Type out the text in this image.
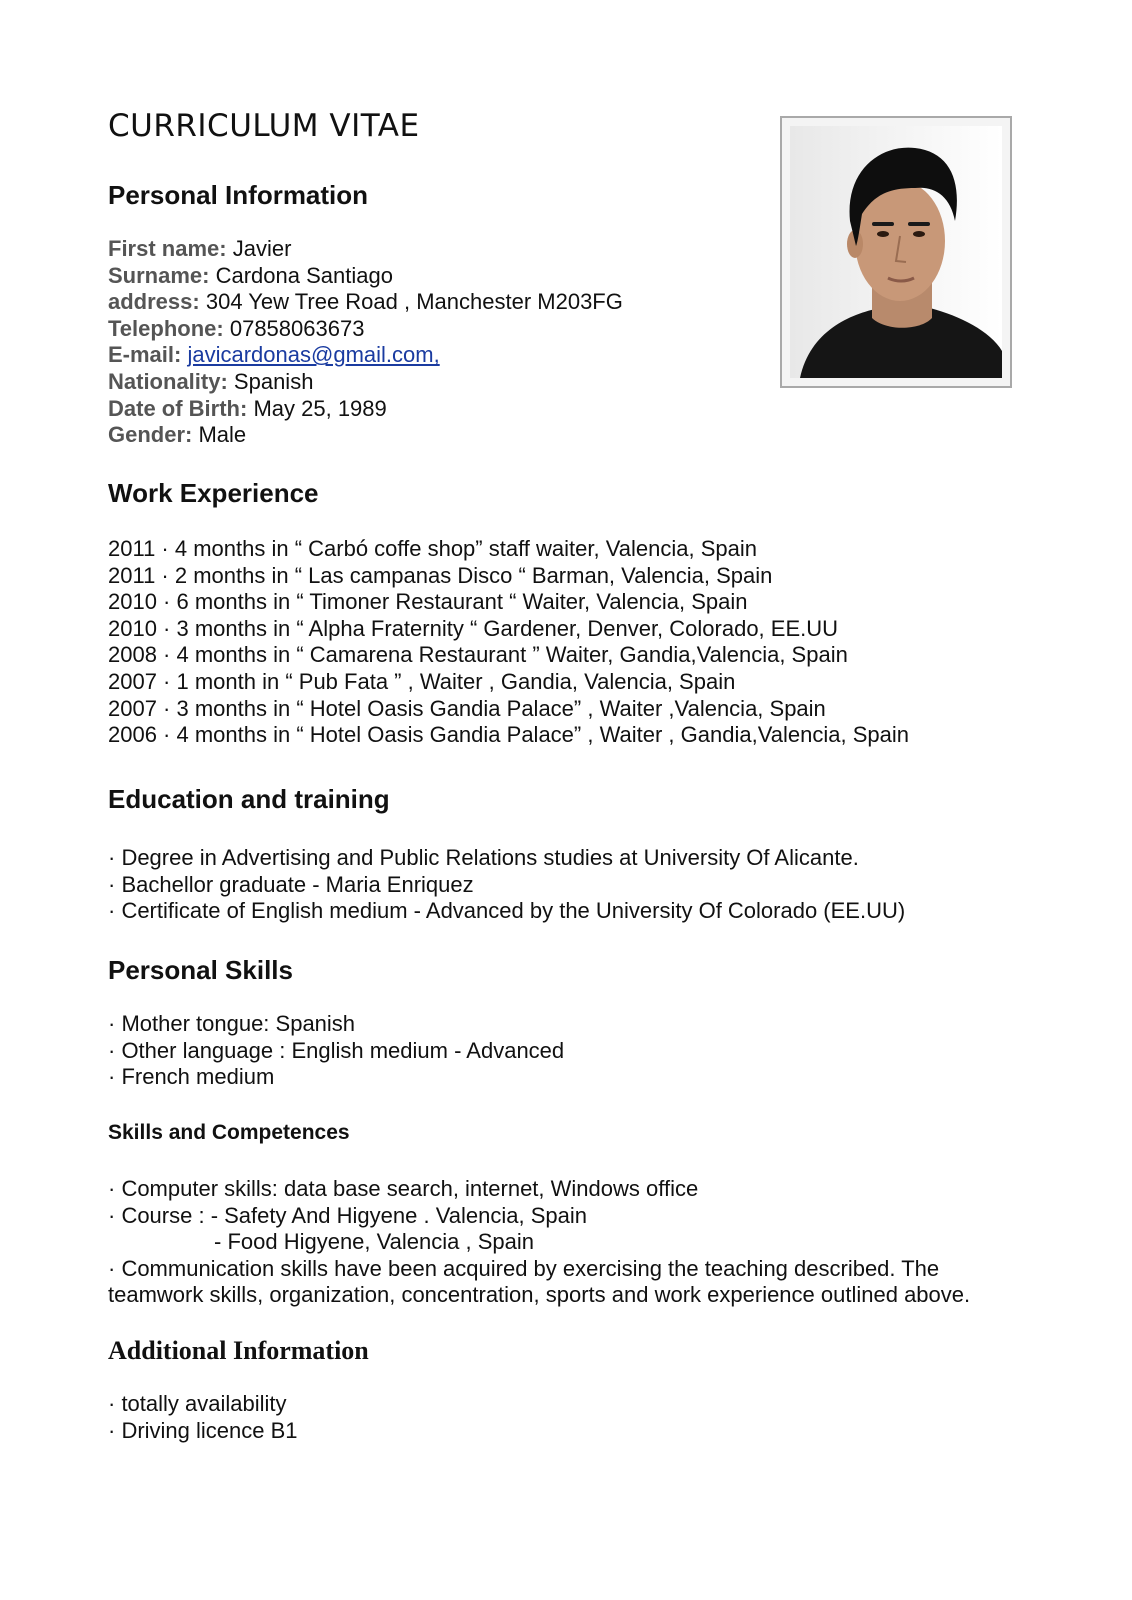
CURRICULUM VITAE
Personal Information
First name: Javier
Surname: Cardona Santiago
address: 304 Yew Tree Road , Manchester M203FG
Telephone: 07858063673
E-mail: javicardonas@gmail.com,
Nationality: Spanish
Date of Birth: May 25, 1989
Gender: Male
Work Experience
2011 · 4 months in “ Carbó coffe shop” staff waiter, Valencia, Spain
2011 · 2 months in “ Las campanas Disco “ Barman, Valencia, Spain
2010 · 6 months in “ Timoner Restaurant “ Waiter, Valencia, Spain
2010 · 3 months in “ Alpha Fraternity “ Gardener, Denver, Colorado, EE.UU
2008 · 4 months in “ Camarena Restaurant ” Waiter, Gandia,Valencia, Spain
2007 · 1 month in “ Pub Fata ” , Waiter , Gandia, Valencia, Spain
2007 · 3 months in “ Hotel Oasis Gandia Palace” , Waiter ,Valencia, Spain
2006 · 4 months in “ Hotel Oasis Gandia Palace” , Waiter , Gandia,Valencia, Spain
Education and training
· Degree in Advertising and Public Relations studies at University Of Alicante.
· Bachellor graduate - Maria Enriquez
· Certificate of English medium - Advanced by the University Of Colorado (EE.UU)
Personal Skills
· Mother tongue: Spanish
· Other language : English medium - Advanced
· French medium
Skills and Competences
· Computer skills: data base search, internet, Windows office
· Course : - Safety And Higyene . Valencia, Spain
- Food Higyene, Valencia , Spain
· Communication skills have been acquired by exercising the teaching described. The
teamwork skills, organization, concentration, sports and work experience outlined above.
Additional Information
· totally availability
· Driving licence B1
